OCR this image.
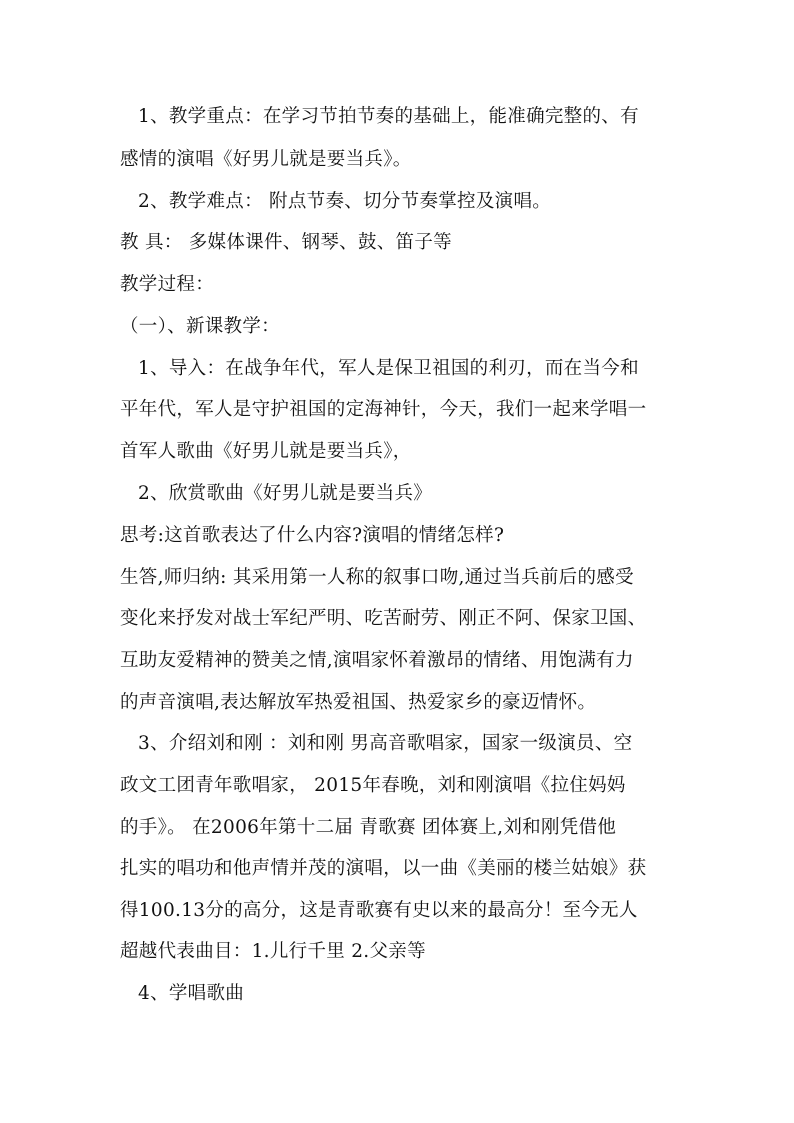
1、教学重点：在学习节拍节奏的基础上，能准确完整的、有

感情的演唱《好男儿就是要当兵》。

2、教学难点： 附点节奏、切分节奏掌控及演唱。

教 具： 多媒体课件、钢琴、鼓、笛子等

教学过程：

（一）、新课教学：

1、导入：在战争年代，军人是保卫祖国的利刃，而在当今和

平年代，军人是守护祖国的定海神针，今天，我们一起来学唱一

首军人歌曲《好男儿就是要当兵》，

2、欣赏歌曲《好男儿就是要当兵》

思考:这首歌表达了什么内容?演唱的情绪怎样?

生答,师归纳: 其采用第一人称的叙事口吻,通过当兵前后的感受

变化来抒发对战士军纪严明、吃苦耐劳、刚正不阿、保家卫国、

互助友爱精神的赞美之情,演唱家怀着激昂的情绪、用饱满有力

的声音演唱,表达解放军热爱祖国、热爱家乡的豪迈情怀。

3、介绍刘和刚 ：刘和刚 男高音歌唱家，国家一级演员、空

政文工团青年歌唱家， 2015年春晚，刘和刚演唱《拉住妈妈

的手》。 在2006年第十二届 青歌赛 团体赛上,刘和刚凭借他

扎实的唱功和他声情并茂的演唱，以一曲《美丽的楼兰姑娘》获

得100.13分的高分，这是青歌赛有史以来的最高分！至今无人

超越代表曲目：1.儿行千里 2.父亲等

4、学唱歌曲
